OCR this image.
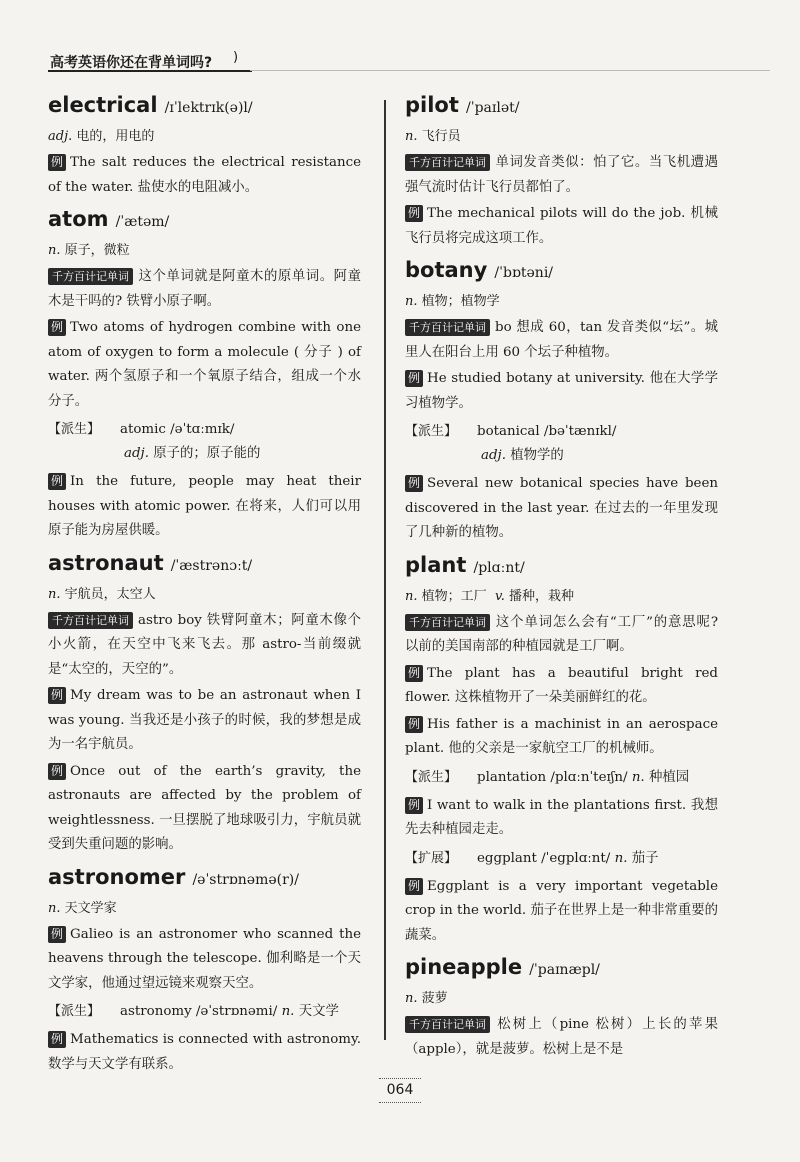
高考英语你还在背单词吗? )
electrical /ɪˈlektrɪk(ə)l/
adj. 电的，用电的
例 The salt reduces the electrical resistance of the water. 盐使水的电阻减小。
atom /ˈætəm/
n. 原子，微粒
千方百计记单词 这个单词就是阿童木的原单词。阿童木是干吗的? 铁臂小原子啊。
例 Two atoms of hydrogen combine with one atom of oxygen to form a molecule ( 分子 ) of water. 两个氢原子和一个氧原子结合，组成一个水分子。
【派生】 atomic /əˈtɑːmɪk/
adj. 原子的；原子能的
例 In the future, people may heat their houses with atomic power. 在将来，人们可以用原子能为房屋供暖。
astronaut /ˈæstrənɔːt/
n. 宇航员，太空人
千方百计记单词 astro boy 铁臂阿童木；阿童木像个小火箭，在天空中飞来飞去。那 astro-当前缀就是“太空的，天空的”。
例 My dream was to be an astronaut when I was young. 当我还是小孩子的时候，我的梦想是成为一名宇航员。
例 Once out of the earth’s gravity, the astronauts are affected by the problem of weightlessness. 一旦摆脱了地球吸引力，宇航员就受到失重问题的影响。
astronomer /əˈstrɒnəmə(r)/
n. 天文学家
例 Galieo is an astronomer who scanned the heavens through the telescope. 伽利略是一个天文学家，他通过望远镜来观察天空。
【派生】 astronomy /əˈstrɒnəmi/ n. 天文学
例 Mathematics is connected with astronomy. 数学与天文学有联系。
pilot /ˈpaɪlət/
n. 飞行员
千方百计记单词 单词发音类似：怕了它。当飞机遭遇强气流时估计飞行员都怕了。
例 The mechanical pilots will do the job. 机械飞行员将完成这项工作。
botany /ˈbɒtəni/
n. 植物；植物学
千方百计记单词 bo 想成 60，tan 发音类似“坛”。城里人在阳台上用 60 个坛子种植物。
例 He studied botany at university. 他在大学学习植物学。
【派生】 botanical /bəˈtænɪkl/
adj. 植物学的
例 Several new botanical species have been discovered in the last year. 在过去的一年里发现了几种新的植物。
plant /plɑːnt/
n. 植物；工厂 v. 播种，栽种
千方百计记单词 这个单词怎么会有“工厂”的意思呢? 以前的美国南部的种植园就是工厂啊。
例 The plant has a beautiful bright red flower. 这株植物开了一朵美丽鲜红的花。
例 His father is a machinist in an aerospace plant. 他的父亲是一家航空工厂的机械师。
【派生】 plantation /plɑːnˈteɪʃn/ n. 种植园
例 I want to walk in the plantations first. 我想先去种植园走走。
【扩展】 eggplant /ˈegplɑːnt/ n. 茄子
例 Eggplant is a very important vegetable crop in the world. 茄子在世界上是一种非常重要的蔬菜。
pineapple /ˈpaɪnæpl/
n. 菠萝
千方百计记单词 松树上（pine 松树）上长的苹果（apple），就是菠萝。松树上是不是
064
